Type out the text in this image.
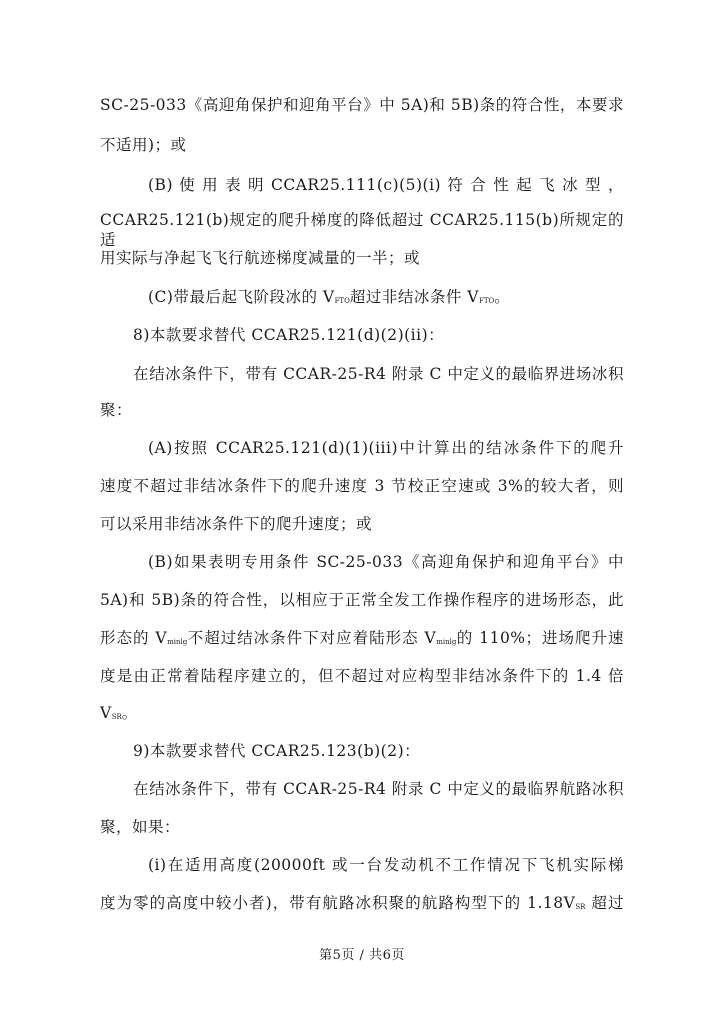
SC-25-033《高迎角保护和迎角平台》中 5A)和 5B)条的符合性，本要求
不适用)；或
(B) 使 用 表 明 CCAR25.111(c)(5)(i) 符 合 性 起 飞 冰 型 ，
CCAR25.121(b)规定的爬升梯度的降低超过 CCAR25.115(b)所规定的适
用实际与净起飞飞行航迹梯度减量的一半；或
(C)带最后起飞阶段冰的 $V_{FTO}$超过非结冰条件 $V_{FTO}$。
8)本款要求替代 CCAR25.121(d)(2)(ii)：
在结冰条件下，带有 CCAR-25-R4 附录 C 中定义的最临界进场冰积
聚：
(A)按照 CCAR25.121(d)(1)(iii)中计算出的结冰条件下的爬升
速度不超过非结冰条件下的爬升速度 3 节校正空速或 3%的较大者，则
可以采用非结冰条件下的爬升速度；或
(B)如果表明专用条件 SC-25-033《高迎角保护和迎角平台》中
5A)和 5B)条的符合性，以相应于正常全发工作操作程序的进场形态，此
形态的 $V_{minlg}$不超过结冰条件下对应着陆形态 $V_{minlg}$的 110%；进场爬升速
度是由正常着陆程序建立的，但不超过对应构型非结冰条件下的 1.4 倍
$V_{SR}$。
9)本款要求替代 CCAR25.123(b)(2)：
在结冰条件下，带有 CCAR-25-R4 附录 C 中定义的最临界航路冰积
聚，如果：
(i)在适用高度(20000ft 或一台发动机不工作情况下飞机实际梯
度为零的高度中较小者)，带有航路冰积聚的航路构型下的 $1.18V_{SR}$ 超过
第5页 / 共6页
